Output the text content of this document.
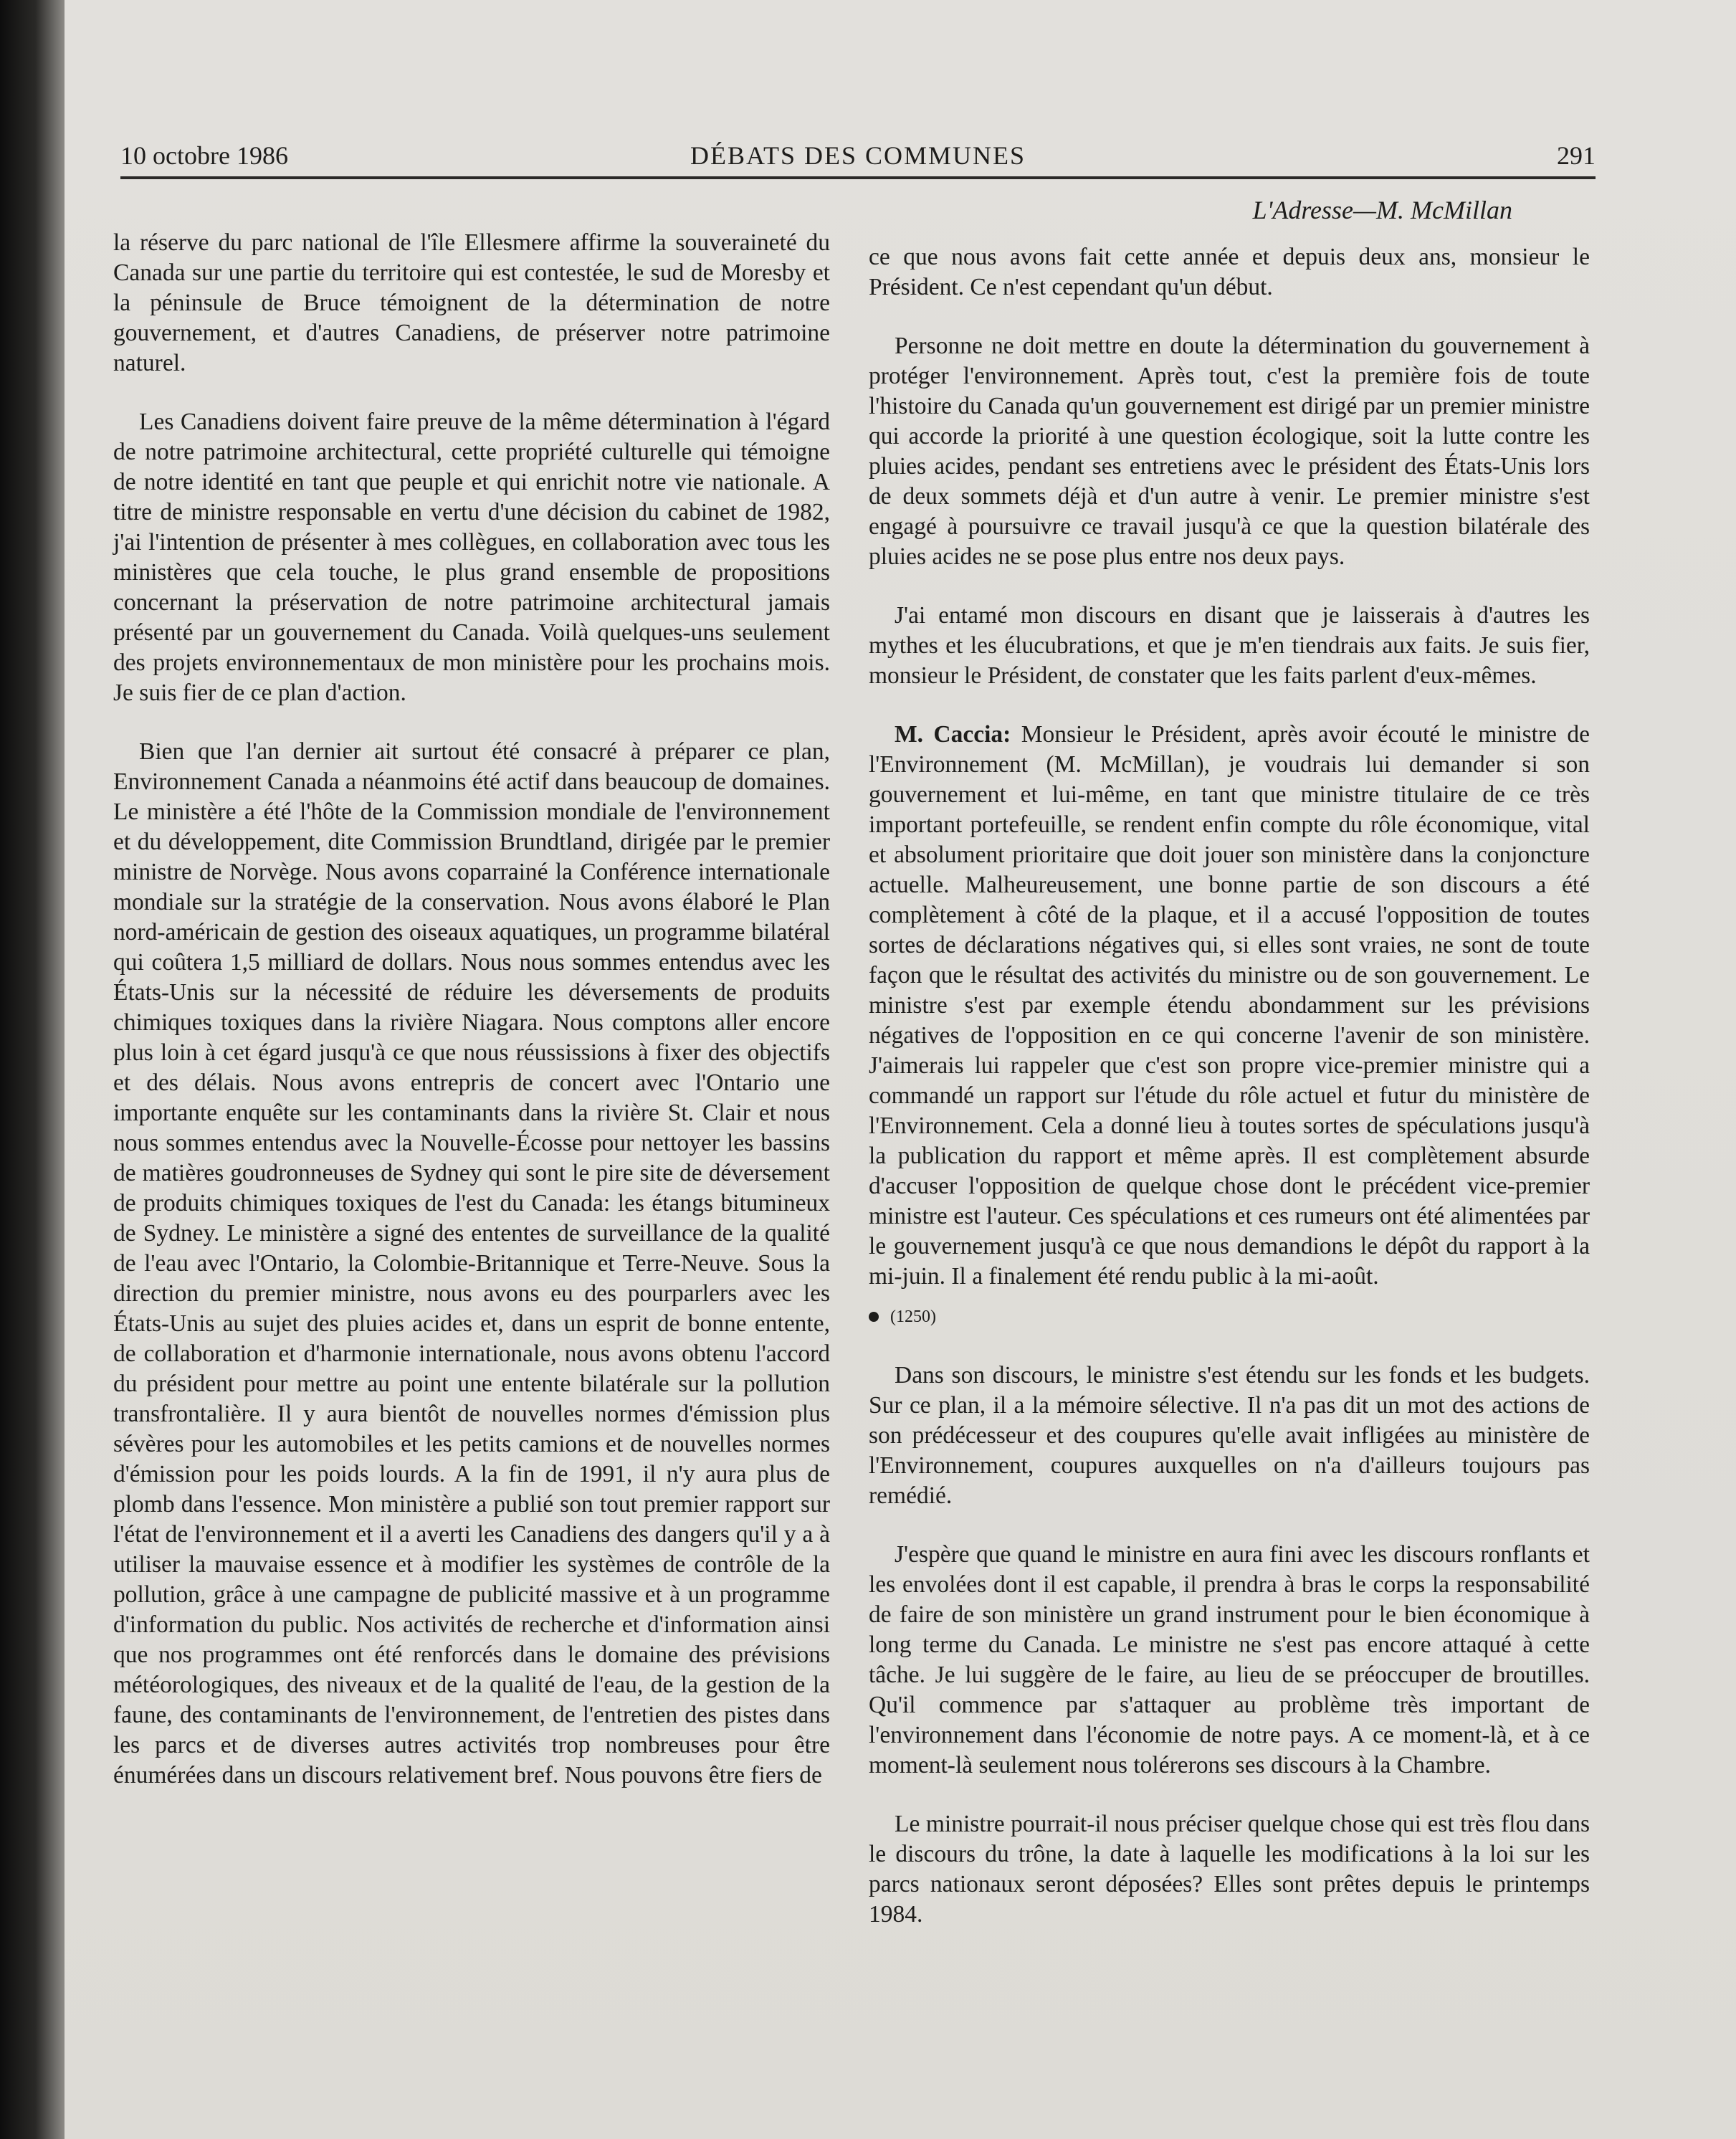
10 octobre 1986	DÉBATS DES COMMUNES	291
L'Adresse—M. McMillan

la réserve du parc national de l'île Ellesmere affirme la souveraineté du Canada sur une partie du territoire qui est contestée, le sud de Moresby et la péninsule de Bruce témoignent de la détermination de notre gouvernement, et d'autres Canadiens, de préserver notre patrimoine naturel.

Les Canadiens doivent faire preuve de la même détermination à l'égard de notre patrimoine architectural, cette propriété culturelle qui témoigne de notre identité en tant que peuple et qui enrichit notre vie nationale. A titre de ministre responsable en vertu d'une décision du cabinet de 1982, j'ai l'intention de présenter à mes collègues, en collaboration avec tous les ministères que cela touche, le plus grand ensemble de propositions concernant la préservation de notre patrimoine architectural jamais présenté par un gouvernement du Canada. Voilà quelques-uns seulement des projets environnementaux de mon ministère pour les prochains mois. Je suis fier de ce plan d'action.

Bien que l'an dernier ait surtout été consacré à préparer ce plan, Environnement Canada a néanmoins été actif dans beaucoup de domaines. Le ministère a été l'hôte de la Commission mondiale de l'environnement et du développement, dite Commission Brundtland, dirigée par le premier ministre de Norvège. Nous avons coparrainé la Conférence internationale mondiale sur la stratégie de la conservation. Nous avons élaboré le Plan nord-américain de gestion des oiseaux aquatiques, un programme bilatéral qui coûtera 1,5 milliard de dollars. Nous nous sommes entendus avec les États-Unis sur la nécessité de réduire les déversements de produits chimiques toxiques dans la rivière Niagara. Nous comptons aller encore plus loin à cet égard jusqu'à ce que nous réussissions à fixer des objectifs et des délais. Nous avons entrepris de concert avec l'Ontario une importante enquête sur les contaminants dans la rivière St. Clair et nous nous sommes entendus avec la Nouvelle-Écosse pour nettoyer les bassins de matières goudronneuses de Sydney qui sont le pire site de déversement de produits chimiques toxiques de l'est du Canada: les étangs bitumineux de Sydney. Le ministère a signé des ententes de surveillance de la qualité de l'eau avec l'Ontario, la Colombie-Britannique et Terre-Neuve. Sous la direction du premier ministre, nous avons eu des pourparlers avec les États-Unis au sujet des pluies acides et, dans un esprit de bonne entente, de collaboration et d'harmonie internationale, nous avons obtenu l'accord du président pour mettre au point une entente bilatérale sur la pollution transfrontalière. Il y aura bientôt de nouvelles normes d'émission plus sévères pour les automobiles et les petits camions et de nouvelles normes d'émission pour les poids lourds. A la fin de 1991, il n'y aura plus de plomb dans l'essence. Mon ministère a publié son tout premier rapport sur l'état de l'environnement et il a averti les Canadiens des dangers qu'il y a à utiliser la mauvaise essence et à modifier les systèmes de contrôle de la pollution, grâce à une campagne de publicité massive et à un programme d'information du public. Nos activités de recherche et d'information ainsi que nos programmes ont été renforcés dans le domaine des prévisions météorologiques, des niveaux et de la qualité de l'eau, de la gestion de la faune, des contaminants de l'environnement, de l'entretien des pistes dans les parcs et de diverses autres activités trop nombreuses pour être énumérées dans un discours relativement bref. Nous pouvons être fiers de

ce que nous avons fait cette année et depuis deux ans, monsieur le Président. Ce n'est cependant qu'un début.

Personne ne doit mettre en doute la détermination du gouvernement à protéger l'environnement. Après tout, c'est la première fois de toute l'histoire du Canada qu'un gouvernement est dirigé par un premier ministre qui accorde la priorité à une question écologique, soit la lutte contre les pluies acides, pendant ses entretiens avec le président des États-Unis lors de deux sommets déjà et d'un autre à venir. Le premier ministre s'est engagé à poursuivre ce travail jusqu'à ce que la question bilatérale des pluies acides ne se pose plus entre nos deux pays.

J'ai entamé mon discours en disant que je laisserais à d'autres les mythes et les élucubrations, et que je m'en tiendrais aux faits. Je suis fier, monsieur le Président, de constater que les faits parlent d'eux-mêmes.

M. Caccia: Monsieur le Président, après avoir écouté le ministre de l'Environnement (M. McMillan), je voudrais lui demander si son gouvernement et lui-même, en tant que ministre titulaire de ce très important portefeuille, se rendent enfin compte du rôle économique, vital et absolument prioritaire que doit jouer son ministère dans la conjoncture actuelle. Malheureusement, une bonne partie de son discours a été complètement à côté de la plaque, et il a accusé l'opposition de toutes sortes de déclarations négatives qui, si elles sont vraies, ne sont de toute façon que le résultat des activités du ministre ou de son gouvernement. Le ministre s'est par exemple étendu abondamment sur les prévisions négatives de l'opposition en ce qui concerne l'avenir de son ministère. J'aimerais lui rappeler que c'est son propre vice-premier ministre qui a commandé un rapport sur l'étude du rôle actuel et futur du ministère de l'Environnement. Cela a donné lieu à toutes sortes de spéculations jusqu'à la publication du rapport et même après. Il est complètement absurde d'accuser l'opposition de quelque chose dont le précédent vice-premier ministre est l'auteur. Ces spéculations et ces rumeurs ont été alimentées par le gouvernement jusqu'à ce que nous demandions le dépôt du rapport à la mi-juin. Il a finalement été rendu public à la mi-août.

(1250)

Dans son discours, le ministre s'est étendu sur les fonds et les budgets. Sur ce plan, il a la mémoire sélective. Il n'a pas dit un mot des actions de son prédécesseur et des coupures qu'elle avait infligées au ministère de l'Environnement, coupures auxquelles on n'a d'ailleurs toujours pas remédié.

J'espère que quand le ministre en aura fini avec les discours ronflants et les envolées dont il est capable, il prendra à bras le corps la responsabilité de faire de son ministère un grand instrument pour le bien économique à long terme du Canada. Le ministre ne s'est pas encore attaqué à cette tâche. Je lui suggère de le faire, au lieu de se préoccuper de broutilles. Qu'il commence par s'attaquer au problème très important de l'environnement dans l'économie de notre pays. A ce moment-là, et à ce moment-là seulement nous tolérerons ses discours à la Chambre.

Le ministre pourrait-il nous préciser quelque chose qui est très flou dans le discours du trône, la date à laquelle les modifications à la loi sur les parcs nationaux seront déposées? Elles sont prêtes depuis le printemps 1984.
